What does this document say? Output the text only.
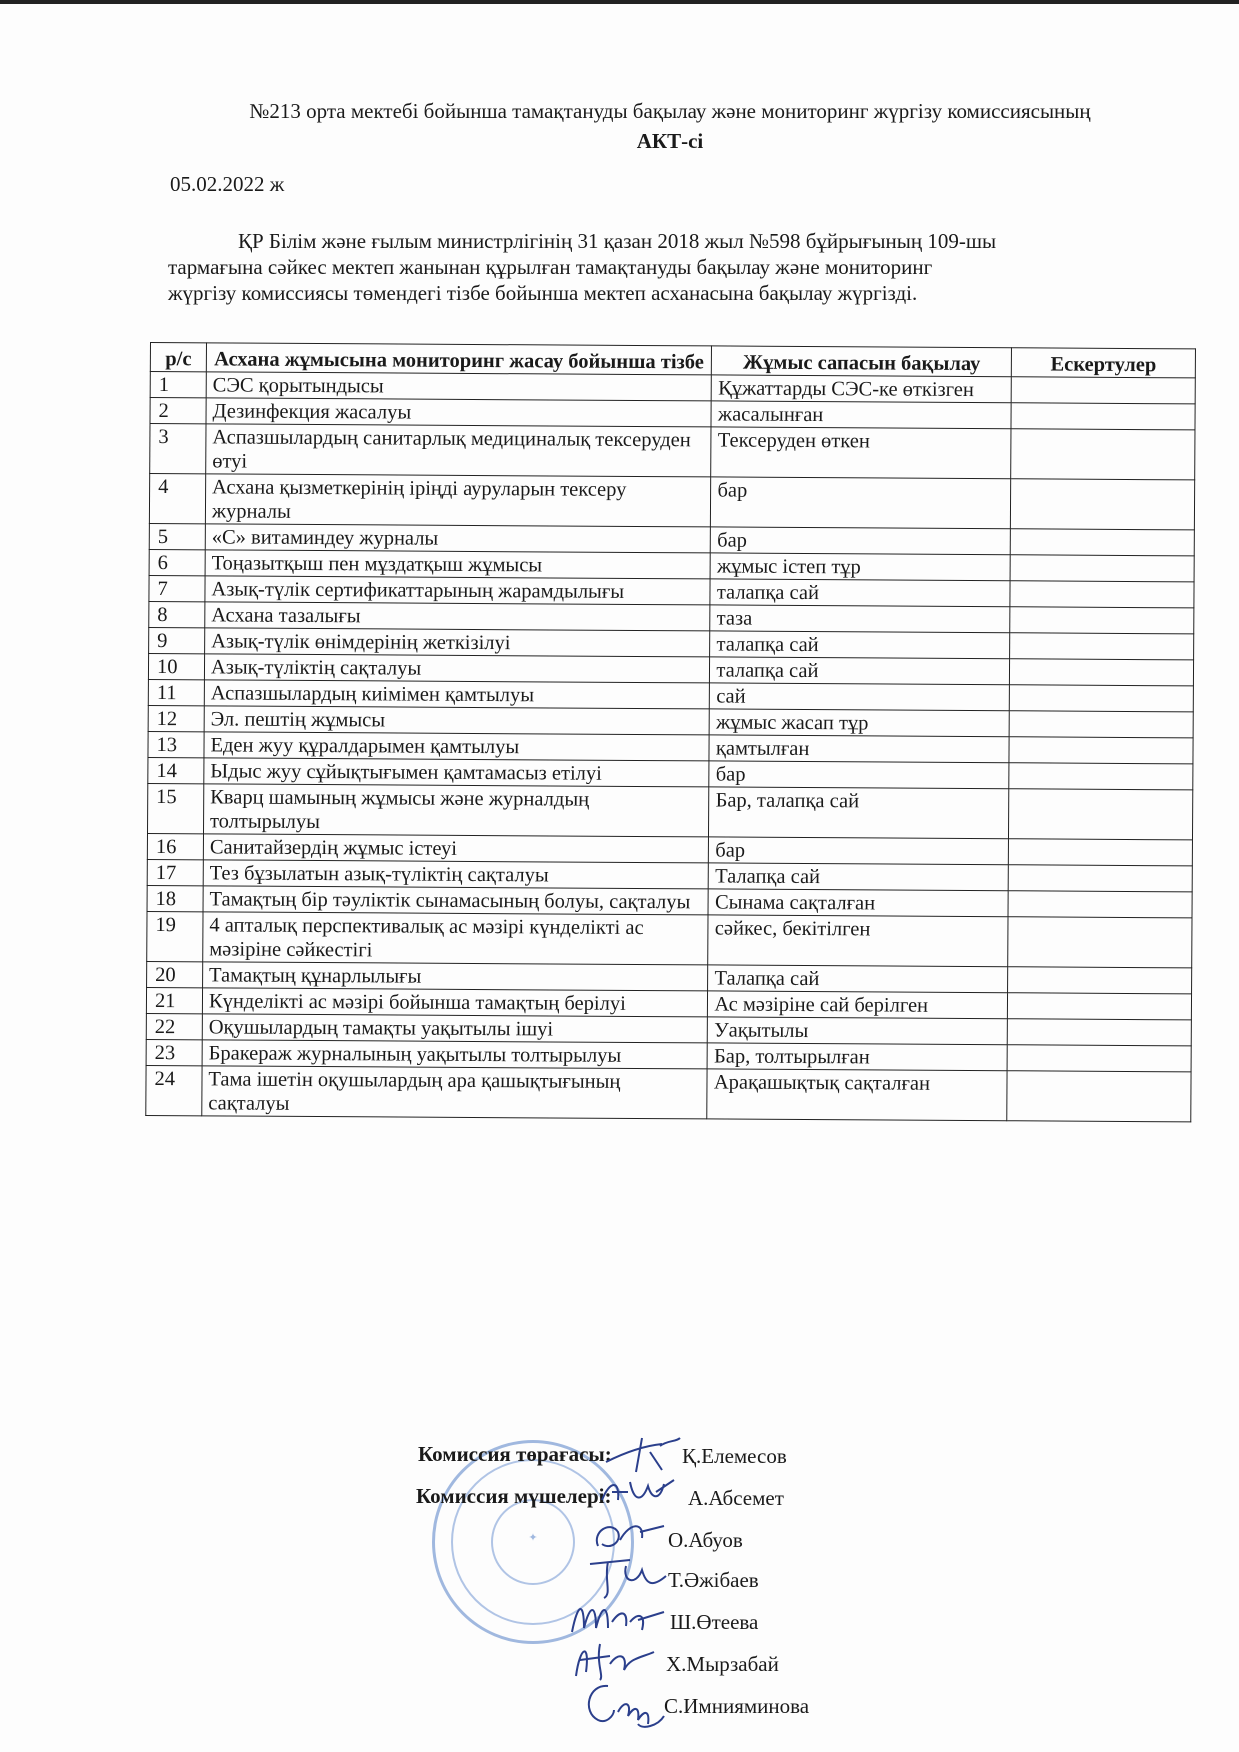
№213 орта мектебі бойынша тамақтануды бақылау және мониторинг жүргізу комиссиясының
АКТ-сі
05.02.2022 ж
ҚР Білім және ғылым министрлігінің 31 қазан 2018 жыл №598 бұйрығының 109-шы
тармағына сәйкес мектеп жанынан құрылған тамақтануды бақылау және мониторинг
жүргізу комиссиясы төмендегі тізбе бойынша мектеп асханасына бақылау жүргізді.
р/с	Асхана жұмысына мониторинг жасау бойынша тізбе	Жұмыс сапасын бақылау	Ескертулер
1	СЭС қорытындысы	Құжаттарды СЭС-ке өткізген	
2	Дезинфекция жасалуы	жасалынған	
3	Аспазшылардың санитарлық медициналық тексеруден өтуі	Тексеруден өткен	
4	Асхана қызметкерінің іріңді ауруларын тексеру журналы	бар	
5	«С» витаминдеу журналы	бар	
6	Тоңазытқыш пен мұздатқыш жұмысы	жұмыс істеп тұр	
7	Азық-түлік сертификаттарының жарамдылығы	талапқа сай	
8	Асхана тазалығы	таза	
9	Азық-түлік өнімдерінің жеткізілуі	талапқа сай	
10	Азық-түліктің сақталуы	талапқа сай	
11	Аспазшылардың киімімен қамтылуы	сай	
12	Эл. пештің жұмысы	жұмыс жасап тұр	
13	Еден жуу құралдарымен қамтылуы	қамтылған	
14	Ыдыс жуу сұйықтығымен қамтамасыз етілуі	бар	
15	Кварц шамының жұмысы және журналдың толтырылуы	Бар, талапқа сай	
16	Санитайзердің жұмыс істеуі	бар	
17	Тез бұзылатын азық-түліктің сақталуы	Талапқа сай	
18	Тамақтың бір тәуліктік сынамасының болуы, сақталуы	Сынама сақталған	
19	4 апталық перспективалық ас мәзірі күнделікті ас мәзіріне сәйкестігі	сәйкес, бекітілген	
20	Тамақтың құнарлылығы	Талапқа сай	
21	Күнделікті ас мәзірі бойынша тамақтың берілуі	Ас мәзіріне сай берілген	
22	Оқушылардың тамақты уақытылы ішуі	Уақытылы	
23	Бракераж журналының уақытылы толтырылуы	Бар, толтырылған	
24	Тама ішетін оқушылардың ара қашықтығының сақталуы	Арақашықтық сақталған	
✦
Комиссия төрағасы:	Қ.Елемесов
Комиссия мүшелері:	А.Абсемет
О.Абуов
Т.Әжібаев
Ш.Өтеева
Х.Мырзабай
С.Имнияминова
